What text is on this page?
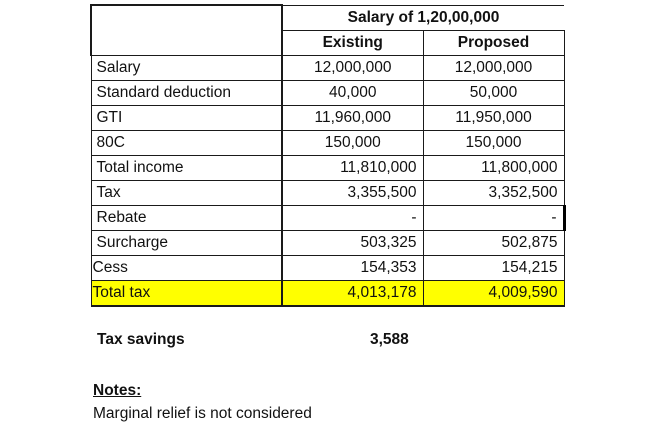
	Salary of 1,20,00,000	
	Existing	Proposed
Salary	12,000,000	12,000,000
Standard deduction	40,000	50,000
GTI	11,960,000	11,950,000
80C	150,000	150,000
Total income	11,810,000	11,800,000
Tax	3,355,500	3,352,500
Rebate	-	-
Surcharge	503,325	502,875
Cess	154,353	154,215
Total tax	4,013,178	4,009,590
Tax savings	3,588
Notes:
Marginal relief is not considered
